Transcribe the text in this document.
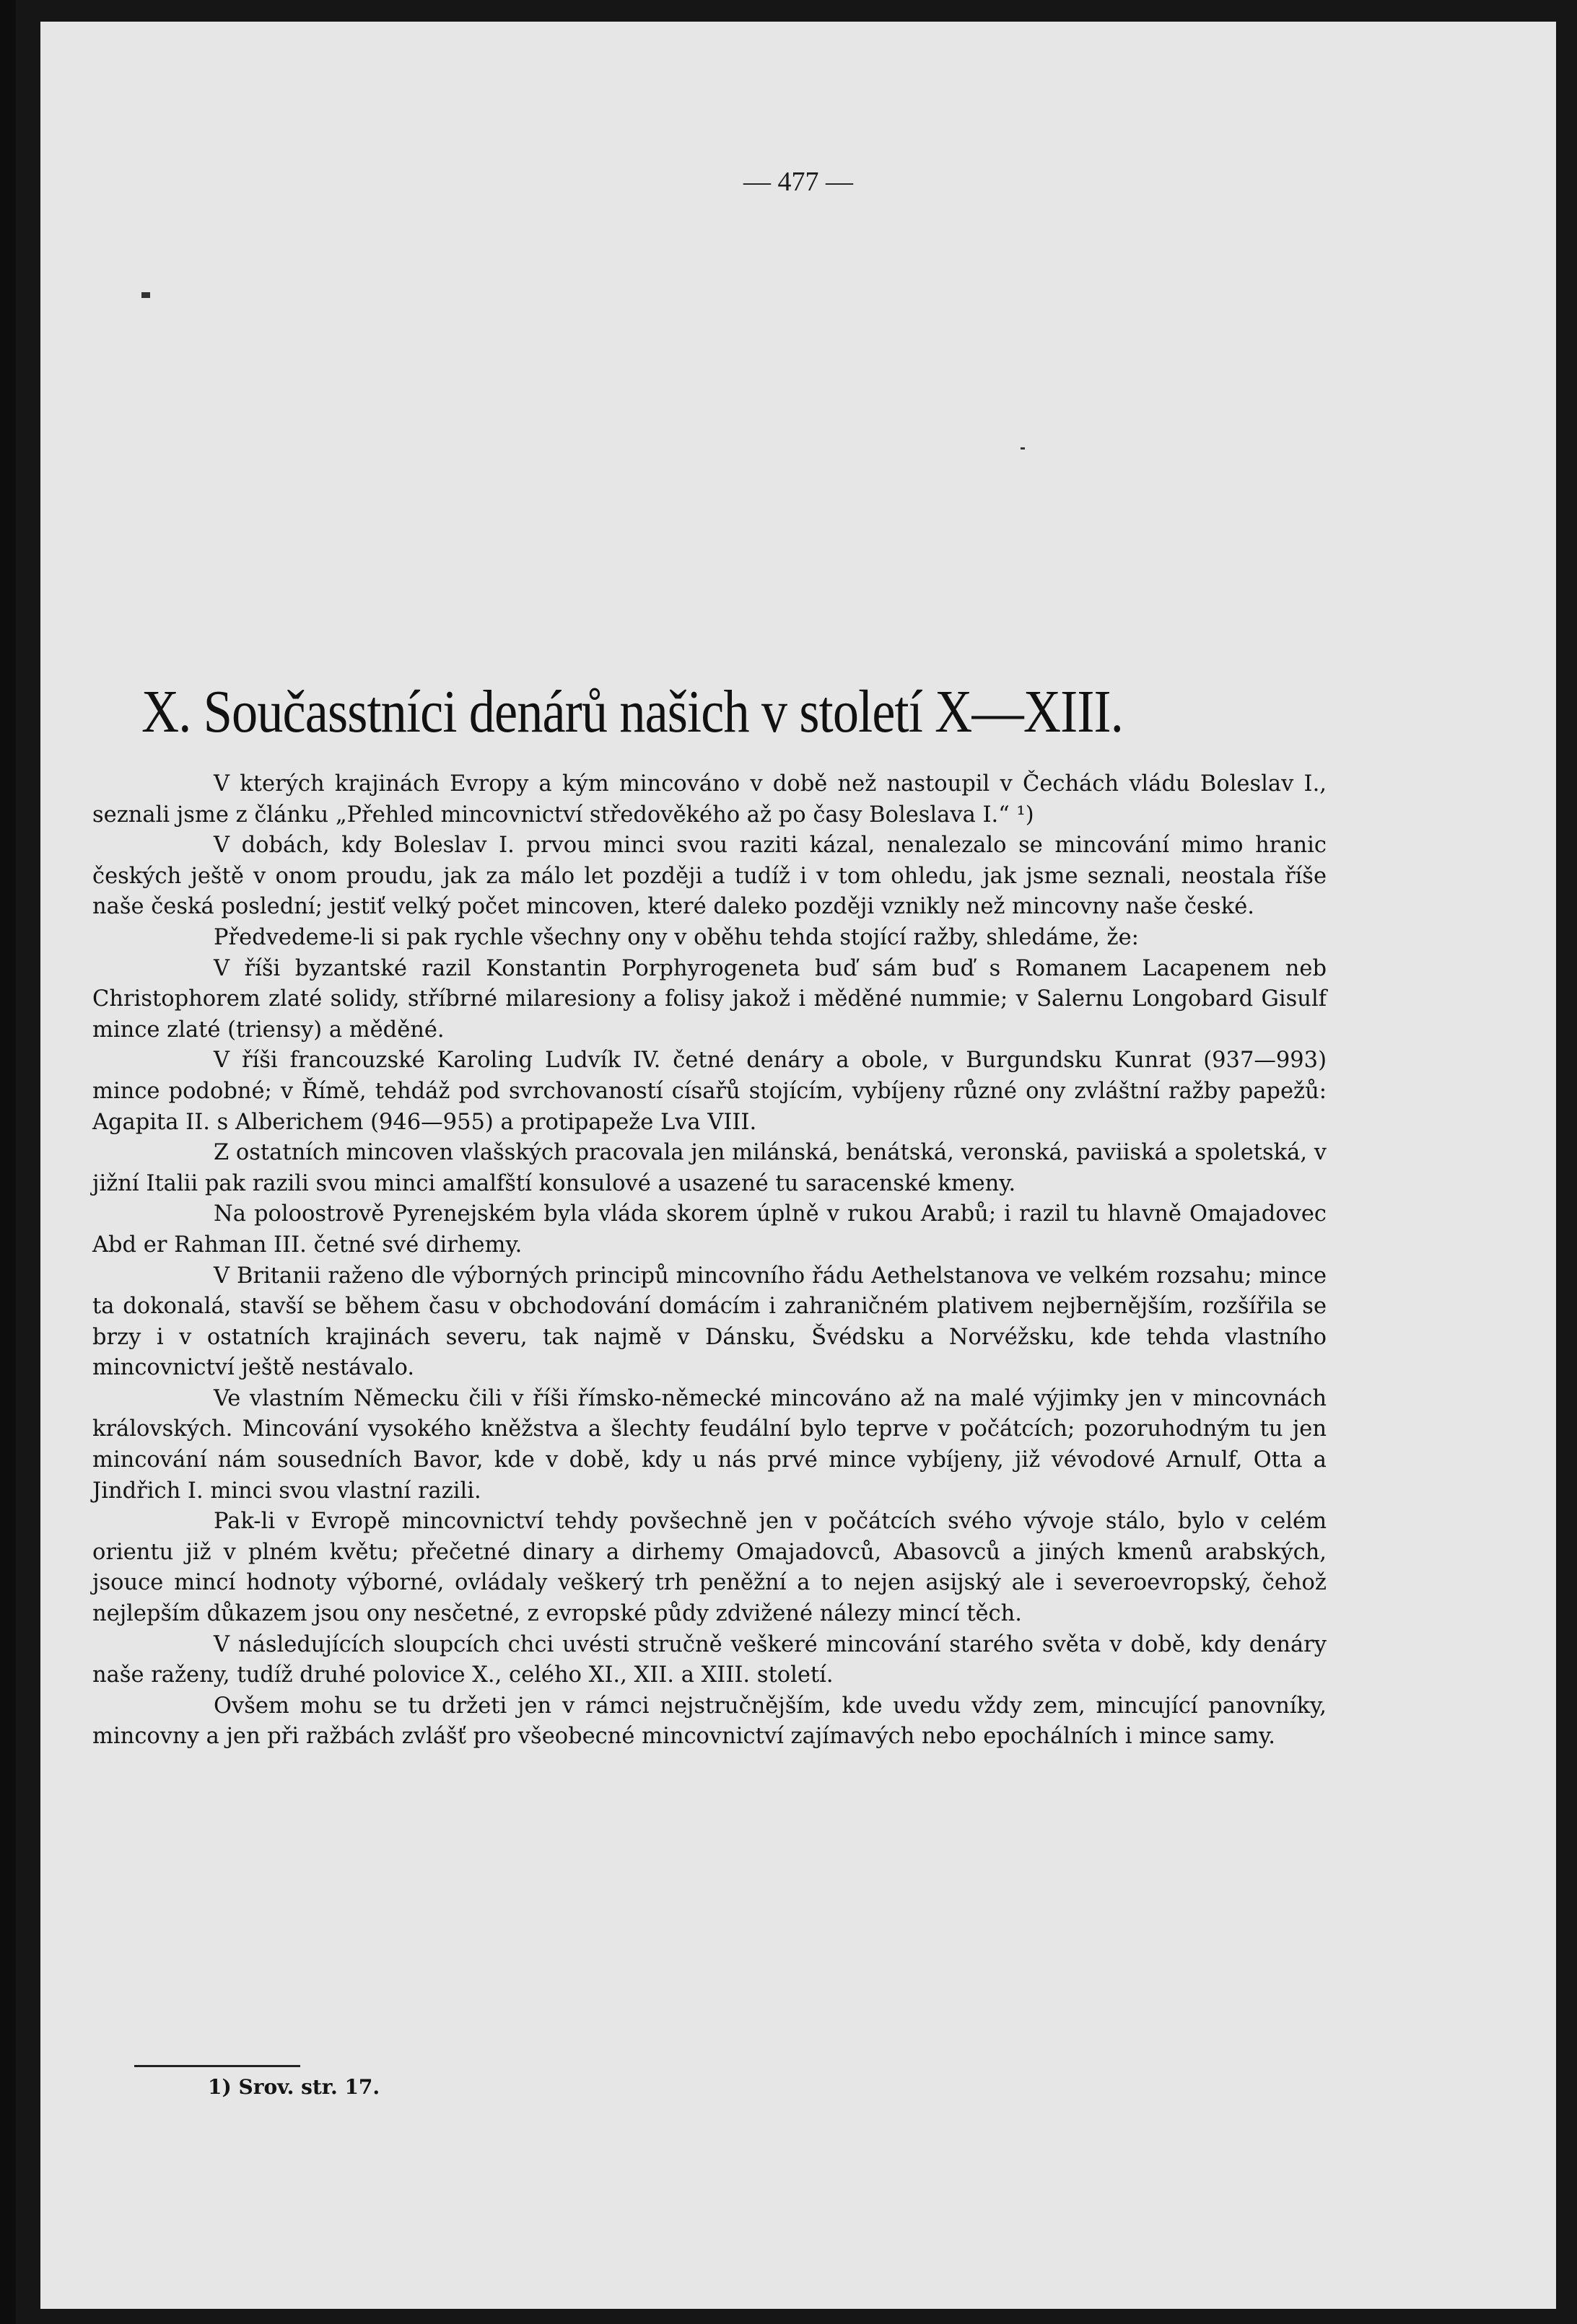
— 477 —
X. Současstníci denárů našich v století X—XIII.

V kterých krajinách Evropy a kým mincováno v době než nastoupil v Čechách vládu Boleslav I., seznali jsme z článku „Přehled mincovnictví středověkého až po časy Boleslava I.“ ¹)

V dobách, kdy Boleslav I. prvou minci svou raziti kázal, nenalezalo se mincování mimo hranic českých ještě v onom proudu, jak za málo let později a tudíž i v tom ohledu, jak jsme seznali, neostala říše naše česká poslední; jestiť velký počet mincoven, které daleko později vznikly než mincovny naše české.

Předvedeme-li si pak rychle všechny ony v oběhu tehda stojící ražby, shledáme, že:

V říši byzantské razil Konstantin Porphyrogeneta buď sám buď s Romanem Lacapenem neb Christophorem zlaté solidy, stříbrné milaresiony a folisy jakož i měděné nummie; v Salernu Longobard Gisulf mince zlaté (triensy) a měděné.

V říši francouzské Karoling Ludvík IV. četné denáry a obole, v Burgundsku Kunrat (937—993) mince podobné; v Římě, tehdáž pod svrchovaností císařů stojícím, vybíjeny různé ony zvláštní ražby papežů: Agapita II. s Alberichem (946—955) a protipapeže Lva VIII.

Z ostatních mincoven vlašských pracovala jen milánská, benátská, veronská, paviiská a spoletská, v jižní Italii pak razili svou minci amalfští konsulové a usazené tu saracenské kmeny.

Na poloostrově Pyrenejském byla vláda skorem úplně v rukou Arabů; i razil tu hlavně Omajadovec Abd er Rahman III. četné své dirhemy.

V Britanii raženo dle výborných principů mincovního řádu Aethelstanova ve velkém rozsahu; mince ta dokonalá, stavší se během času v obchodování domácím i zahraničném plativem nejbernějším, rozšířila se brzy i v ostatních krajinách severu, tak najmě v Dánsku, Švédsku a Norvéžsku, kde tehda vlastního mincovnictví ještě nestávalo.

Ve vlastním Německu čili v říši římsko-německé mincováno až na malé výjimky jen v mincovnách královských. Mincování vysokého kněžstva a šlechty feudální bylo teprve v počátcích; pozoruhodným tu jen mincování nám sousedních Bavor, kde v době, kdy u nás prvé mince vybíjeny, již vévodové Arnulf, Otta a Jindřich I. minci svou vlastní razili.

Pak-li v Evropě mincovnictví tehdy povšechně jen v počátcích svého vývoje stálo, bylo v celém orientu již v plném květu; přečetné dinary a dirhemy Omajadovců, Abasovců a jiných kmenů arabských, jsouce mincí hodnoty výborné, ovládaly veškerý trh peněžní a to nejen asijský ale i severoevropský, čehož nejlepším důkazem jsou ony nesčetné, z evropské půdy zdvižené nálezy mincí těch.

V následujících sloupcích chci uvésti stručně veškeré mincování starého světa v době, kdy denáry naše raženy, tudíž druhé polovice X., celého XI., XII. a XIII. století.

Ovšem mohu se tu držeti jen v rámci nejstručnějším, kde uvedu vždy zem, mincující panovníky, mincovny a jen při ražbách zvlášť pro všeobecné mincovnictví zajímavých nebo epochálních i mince samy.

1) Srov. str. 17.
